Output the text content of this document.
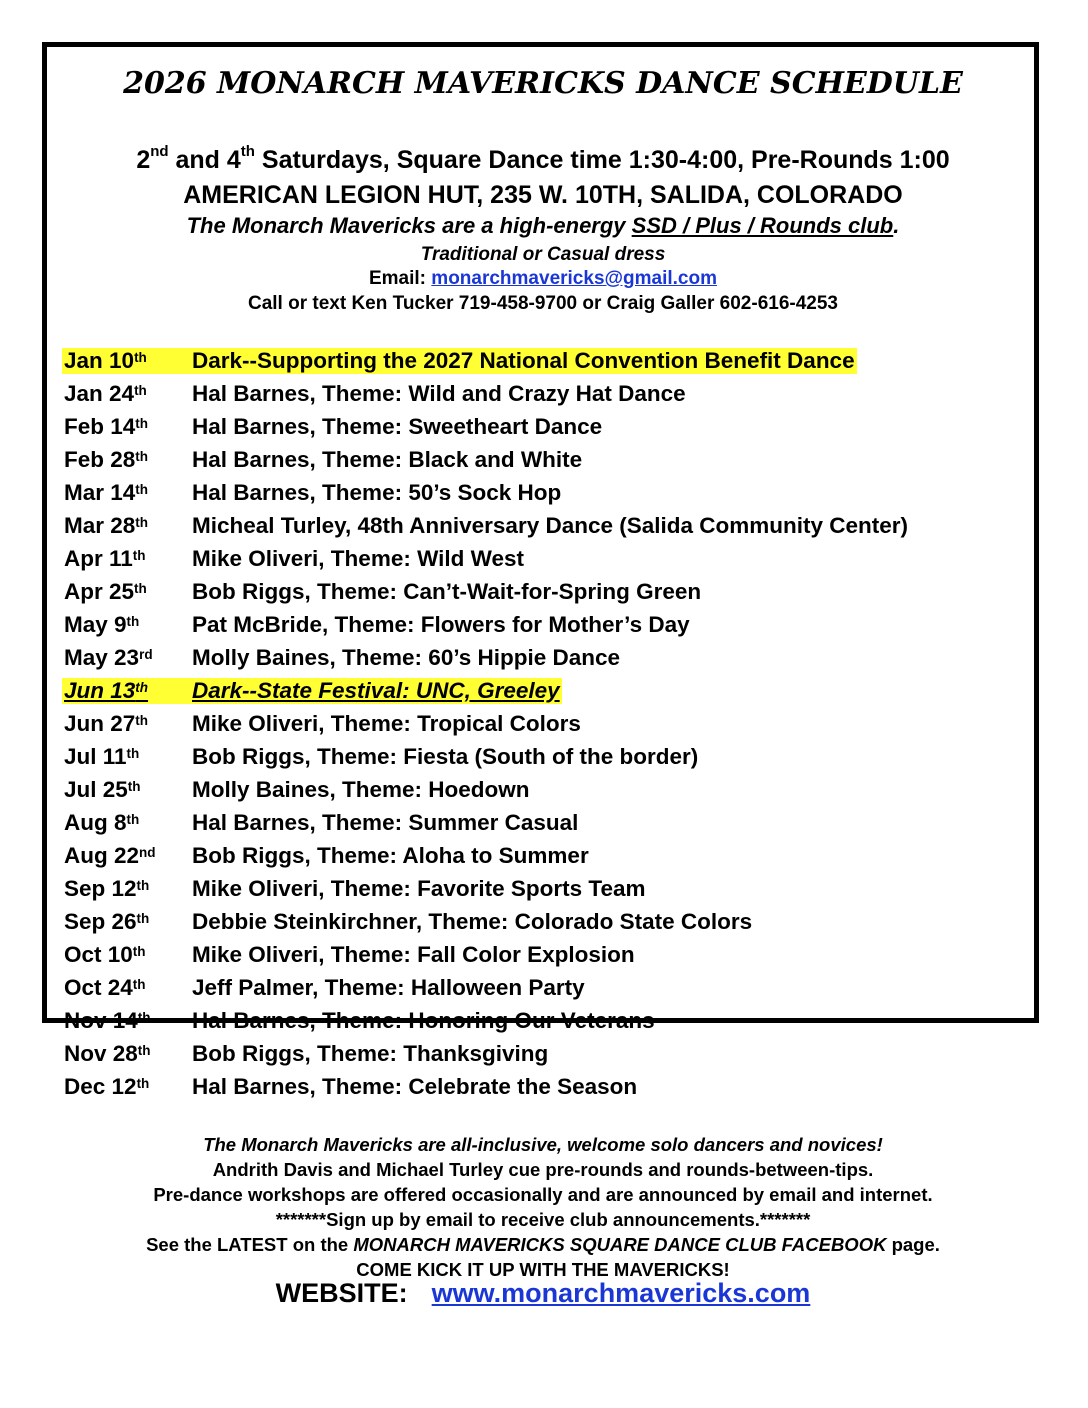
2026 MONARCH MAVERICKS DANCE SCHEDULE
2nd and 4th Saturdays, Square Dance time 1:30-4:00, Pre-Rounds 1:00
AMERICAN LEGION HUT, 235 W. 10TH, SALIDA, COLORADO
The Monarch Mavericks are a high-energy SSD / Plus / Rounds club.
Traditional or Casual dress
Email: monarchmavericks@gmail.com
Call or text Ken Tucker 719-458-9700 or Craig Galler 602-616-4253
Jan 10th	Dark--Supporting the 2027 National Convention Benefit Dance
Jan 24th	Hal Barnes, Theme: Wild and Crazy Hat Dance
Feb 14th	Hal Barnes, Theme: Sweetheart Dance
Feb 28th	Hal Barnes, Theme: Black and White
Mar 14th	Hal Barnes, Theme: 50’s Sock Hop
Mar 28th	Micheal Turley, 48th Anniversary Dance (Salida Community Center)
Apr 11th	Mike Oliveri, Theme: Wild West
Apr 25th	Bob Riggs, Theme: Can’t-Wait-for-Spring Green
May 9th	Pat McBride, Theme: Flowers for Mother’s Day
May 23rd	Molly Baines, Theme: 60’s Hippie Dance
Jun 13th	Dark--State Festival: UNC, Greeley
Jun 27th	Mike Oliveri, Theme: Tropical Colors
Jul 11th	Bob Riggs, Theme: Fiesta (South of the border)
Jul 25th	Molly Baines, Theme: Hoedown
Aug 8th	Hal Barnes, Theme: Summer Casual
Aug 22nd	Bob Riggs, Theme: Aloha to Summer
Sep 12th	Mike Oliveri, Theme: Favorite Sports Team
Sep 26th	Debbie Steinkirchner, Theme: Colorado State Colors
Oct 10th	Mike Oliveri, Theme: Fall Color Explosion
Oct 24th	Jeff Palmer, Theme: Halloween Party
Nov 14th	Hal Barnes, Theme: Honoring Our Veterans
Nov 28th	Bob Riggs, Theme: Thanksgiving
Dec 12th	Hal Barnes, Theme: Celebrate the Season
The Monarch Mavericks are all-inclusive, welcome solo dancers and novices!
Andrith Davis and Michael Turley cue pre-rounds and rounds-between-tips.
Pre-dance workshops are offered occasionally and are announced by email and internet.
*******Sign up by email to receive club announcements.*******
See the LATEST on the MONARCH MAVERICKS SQUARE DANCE CLUB FACEBOOK page.
COME KICK IT UP WITH THE MAVERICKS!
WEBSITE: www.monarchmavericks.com
